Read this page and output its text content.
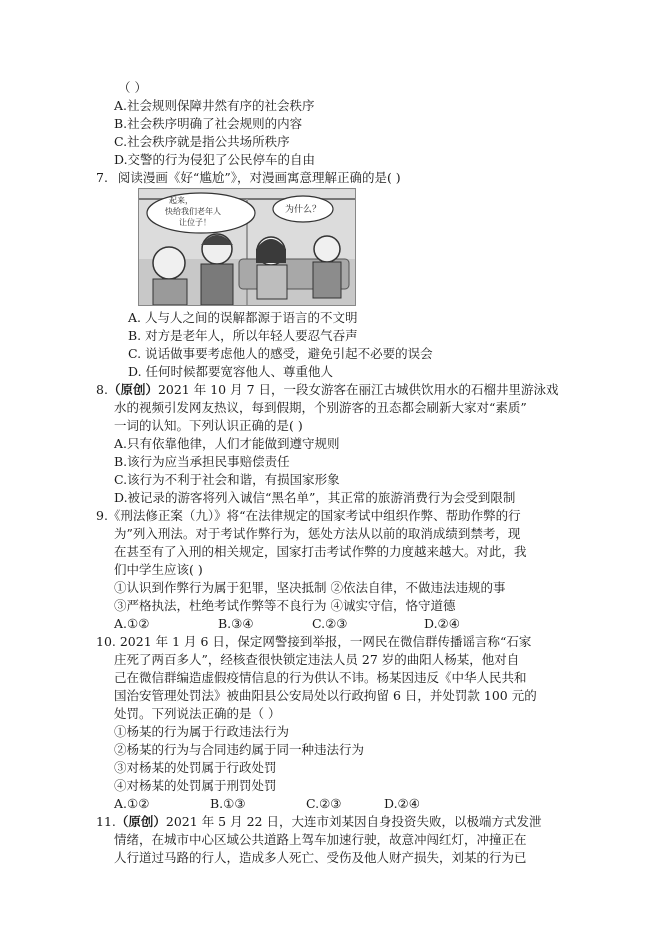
（ ）
A.社会规则保障井然有序的社会秩序
B.社会秩序明确了社会规则的内容
C.社会秩序就是指公共场所秩序
D.交警的行为侵犯了公民停车的自由
7. 阅读漫画《好“尴尬”》，对漫画寓意理解正确的是( )
起来，
快给我们老年人
让位子！
为什么？
A. 人与人之间的误解都源于语言的不文明
B. 对方是老年人，所以年轻人要忍气吞声
C. 说话做事要考虑他人的感受，避免引起不必要的误会
D. 任何时候都要宽容他人、尊重他人
8.（原创）2021 年 10 月 7 日，一段女游客在丽江古城供饮用水的石榴井里游泳戏
水的视频引发网友热议，每到假期，个别游客的丑态都会刷新大家对“素质”
一词的认知。下列认识正确的是( )
A.只有依靠他律，人们才能做到遵守规则
B.该行为应当承担民事赔偿责任
C.该行为不利于社会和谐，有损国家形象
D.被记录的游客将列入诚信“黑名单”，其正常的旅游消费行为会受到限制
9.《刑法修正案（九）》将“在法律规定的国家考试中组织作弊、帮助作弊的行
为”列入刑法。对于考试作弊行为，惩处方法从以前的取消成绩到禁考，现
在甚至有了入刑的相关规定，国家打击考试作弊的力度越来越大。对此，我
们中学生应该( )
①认识到作弊行为属于犯罪，坚决抵制 ②依法自律，不做违法违规的事
③严格执法，杜绝考试作弊等不良行为 ④诚实守信，恪守道德
A.①②	B.③④	C.②③	D.②④
10. 2021 年 1 月 6 日，保定网警接到举报，一网民在微信群传播谣言称“石家
庄死了两百多人”，经核查很快锁定违法人员 27 岁的曲阳人杨某，他对自
己在微信群编造虚假疫情信息的行为供认不讳。杨某因违反《中华人民共和
国治安管理处罚法》被曲阳县公安局处以行政拘留 6 日，并处罚款 100 元的
处罚。下列说法正确的是（ ）
①杨某的行为属于行政违法行为
②杨某的行为与合同违约属于同一种违法行为
③对杨某的处罚属于行政处罚
④对杨某的处罚属于刑罚处罚
A.①②	B.①③	C.②③	D.②④
11.（原创）2021 年 5 月 22 日，大连市刘某因自身投资失败，以极端方式发泄
情绪，在城市中心区域公共道路上驾车加速行驶，故意冲闯红灯，冲撞正在
人行道过马路的行人，造成多人死亡、受伤及他人财产损失，刘某的行为已
